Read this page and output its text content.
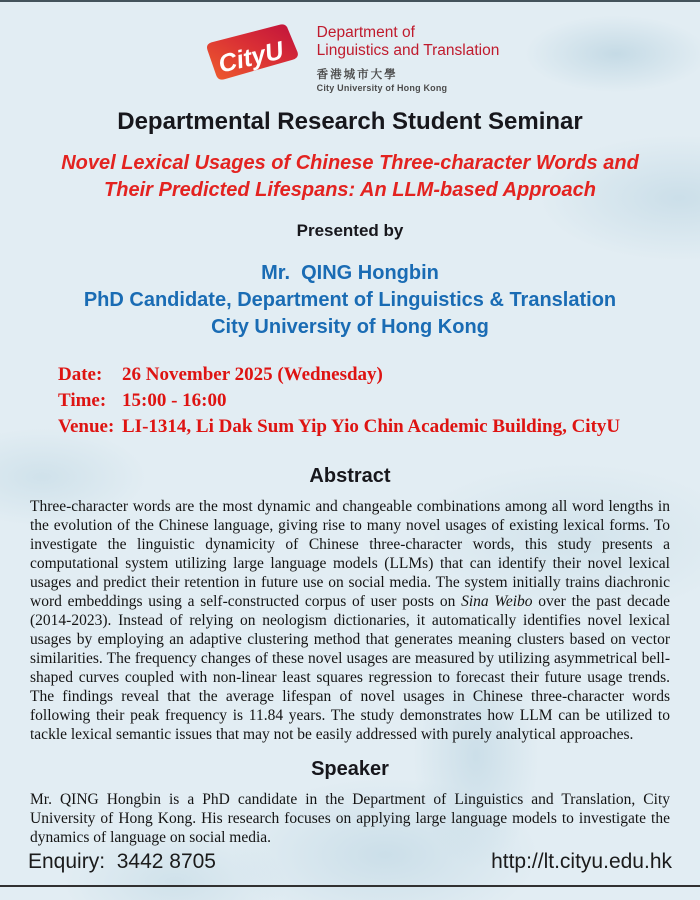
CityU
Department of
Linguistics and Translation
香港城市大學
City University of Hong Kong
Departmental Research Student Seminar
Novel Lexical Usages of Chinese Three-character Words and
Their Predicted Lifespans: An LLM-based Approach
Presented by
Mr.  QING Hongbin
PhD Candidate, Department of Linguistics & Translation
City University of Hong Kong
Date:	26 November 2025 (Wednesday)
Time: 15:00 - 16:00
Venue: LI-1314, Li Dak Sum Yip Yio Chin Academic Building, CityU
Abstract

Three-character words are the most dynamic and changeable combinations among all word lengths in the evolution of the Chinese language, giving rise to many novel usages of existing lexical forms. To investigate the linguistic dynamicity of Chinese three-character words, this study presents a computational system utilizing large language models (LLMs) that can identify their novel lexical usages and predict their retention in future use on social media. The system initially trains diachronic word embeddings using a self-constructed corpus of user posts on Sina Weibo over the past decade (2014-2023). Instead of relying on neologism dictionaries, it automatically identifies novel lexical usages by employing an adaptive clustering method that generates meaning clusters based on vector similarities. The frequency changes of these novel usages are measured by utilizing asymmetrical bell-shaped curves coupled with non-linear least squares regression to forecast their future usage trends. The findings reveal that the average lifespan of novel usages in Chinese three-character words following their peak frequency is 11.84 years. The study demonstrates how LLM can be utilized to tackle lexical semantic issues that may not be easily addressed with purely analytical approaches.

Speaker

Mr. QING Hongbin is a PhD candidate in the Department of Linguistics and Translation, City University of Hong Kong. His research focuses on applying large language models to investigate the dynamics of language on social media.

Enquiry: 3442 8705	http://lt.cityu.edu.hk
